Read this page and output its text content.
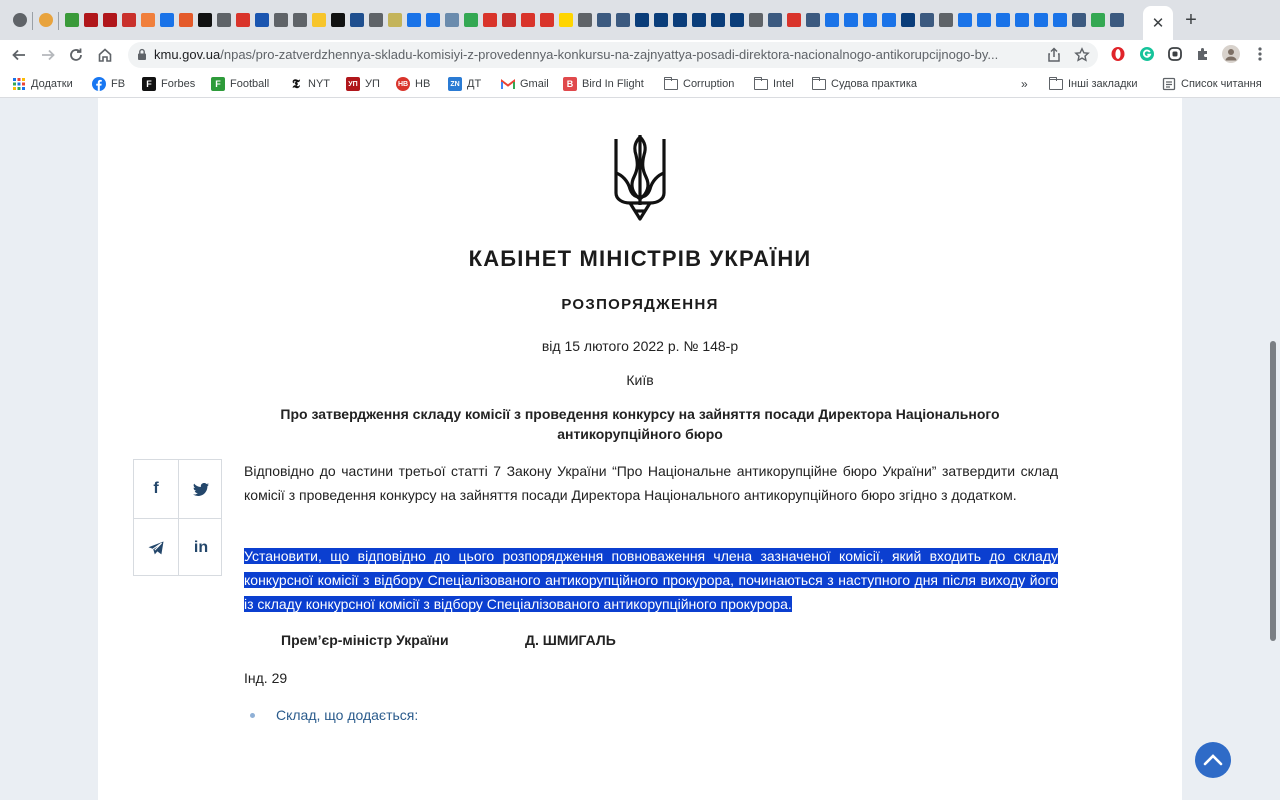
✕ +
kmu.gov.ua/npas/pro-zatverdzhennya-skladu-komisiyi-z-provedennya-konkursu-na-zajnyattya-posadi-direktora-nacionalnogo-antikorupcijnogo-by...
Додатки	FB	F Forbes	F Football 𝕿 NYT	УП УП	НВ НВ	ZN ДТ	Gmail	B Bird In Flight	Corruption	Intel	Судова практика	»	Інші закладки	Список читання
КАБІНЕТ МІНІСТРІВ УКРАЇНИ
РОЗПОРЯДЖЕННЯ
від 15 лютого 2022 р. № 148-р
Київ
Про затвердження складу комісії з проведення конкурсу на зайняття посади Директора Національного антикорупційного бюро
f
in
Відповідно до частини третьої статті 7 Закону України “Про Національне антикорупційне бюро України” затвердити склад комісії з проведення конкурсу на зайняття посади Директора Національного антикорупційного бюро згідно з додатком.
Установити, що відповідно до цього розпорядження повноваження члена зазначеної комісії, який входить до складу конкурсної комісії з відбору Спеціалізованого антикорупційного прокурора, починаються з наступного дня після виходу його із складу конкурсної комісії з відбору Спеціалізованого антикорупційного прокурора.
Прем’єр-міністр України	Д. ШМИГАЛЬ
Інд. 29
Склад, що додається:
